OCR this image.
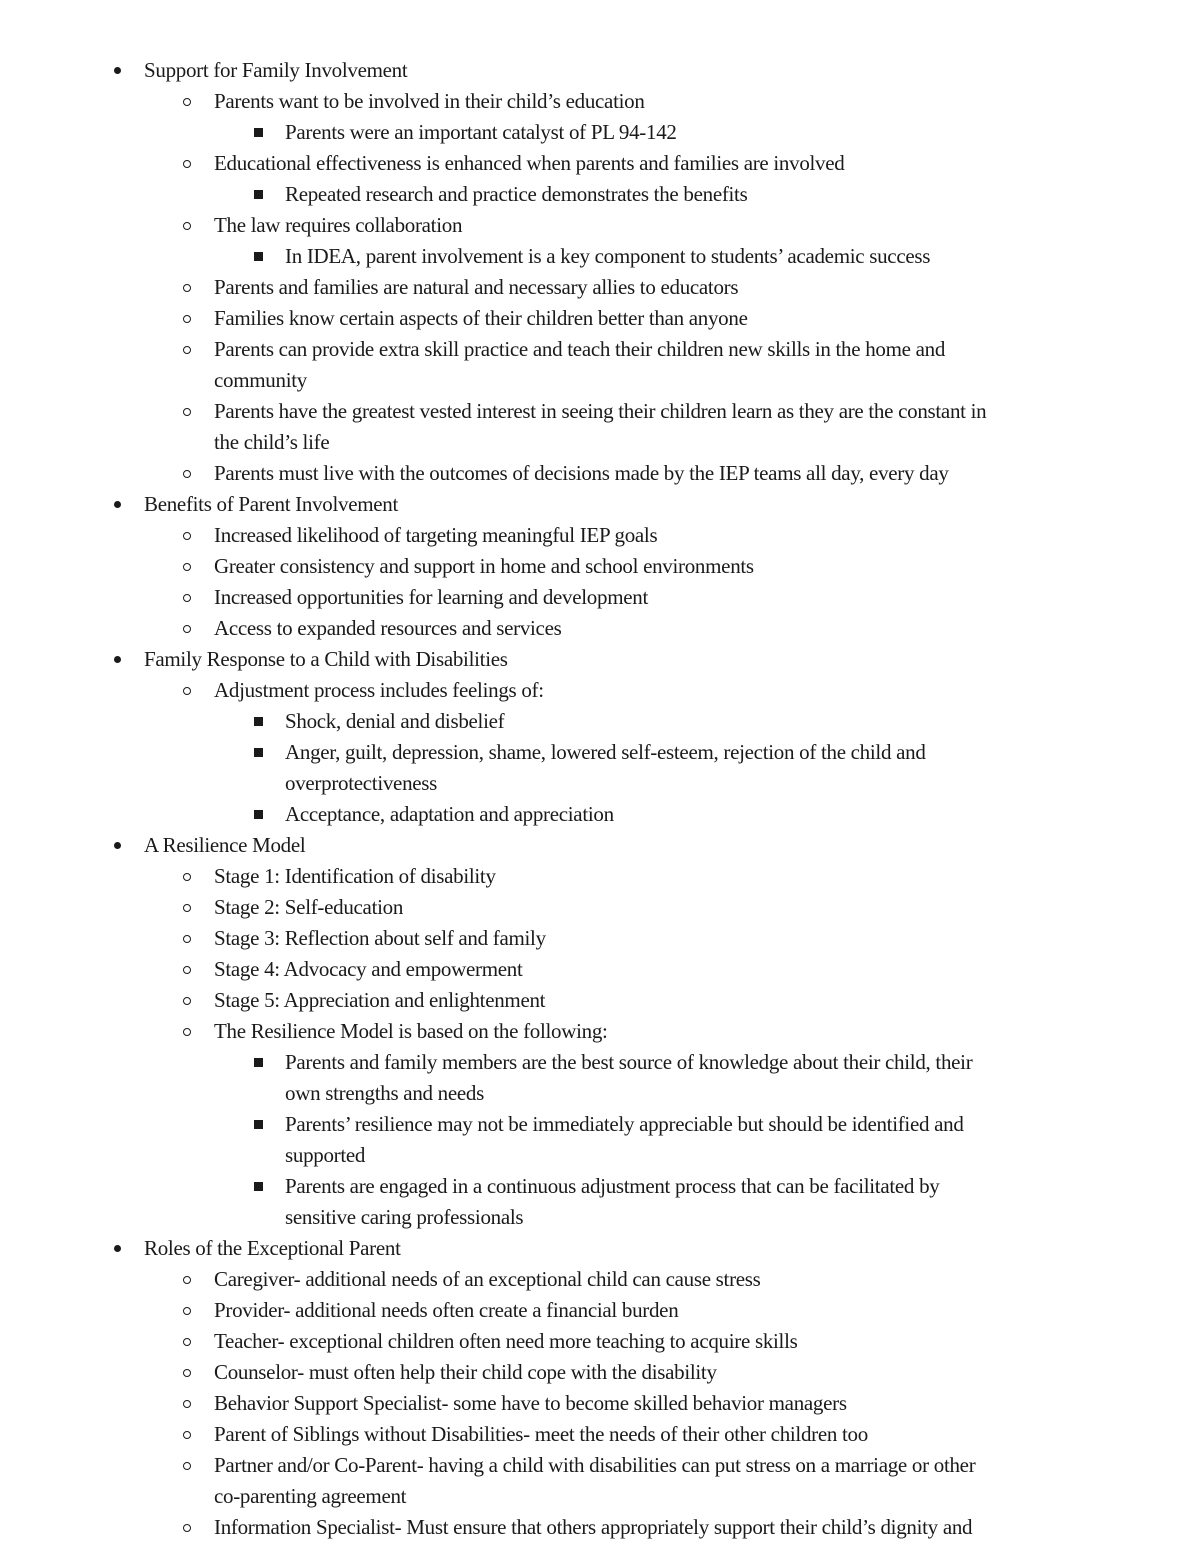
Support for Family Involvement
Parents want to be involved in their child’s education
Parents were an important catalyst of PL 94-142
Educational effectiveness is enhanced when parents and families are involved
Repeated research and practice demonstrates the benefits
The law requires collaboration
In IDEA, parent involvement is a key component to students’ academic success
Parents and families are natural and necessary allies to educators
Families know certain aspects of their children better than anyone
Parents can provide extra skill practice and teach their children new skills in the home and
community
Parents have the greatest vested interest in seeing their children learn as they are the constant in
the child’s life
Parents must live with the outcomes of decisions made by the IEP teams all day, every day
Benefits of Parent Involvement
Increased likelihood of targeting meaningful IEP goals
Greater consistency and support in home and school environments
Increased opportunities for learning and development
Access to expanded resources and services
Family Response to a Child with Disabilities
Adjustment process includes feelings of:
Shock, denial and disbelief
Anger, guilt, depression, shame, lowered self-esteem, rejection of the child and
overprotectiveness
Acceptance, adaptation and appreciation
A Resilience Model
Stage 1: Identification of disability
Stage 2: Self-education
Stage 3: Reflection about self and family
Stage 4: Advocacy and empowerment
Stage 5: Appreciation and enlightenment
The Resilience Model is based on the following:
Parents and family members are the best source of knowledge about their child, their
own strengths and needs
Parents’ resilience may not be immediately appreciable but should be identified and
supported
Parents are engaged in a continuous adjustment process that can be facilitated by
sensitive caring professionals
Roles of the Exceptional Parent
Caregiver- additional needs of an exceptional child can cause stress
Provider- additional needs often create a financial burden
Teacher- exceptional children often need more teaching to acquire skills
Counselor- must often help their child cope with the disability
Behavior Support Specialist- some have to become skilled behavior managers
Parent of Siblings without Disabilities- meet the needs of their other children too
Partner and/or Co-Parent- having a child with disabilities can put stress on a marriage or other
co-parenting agreement
Information Specialist- Must ensure that others appropriately support their child’s dignity and
